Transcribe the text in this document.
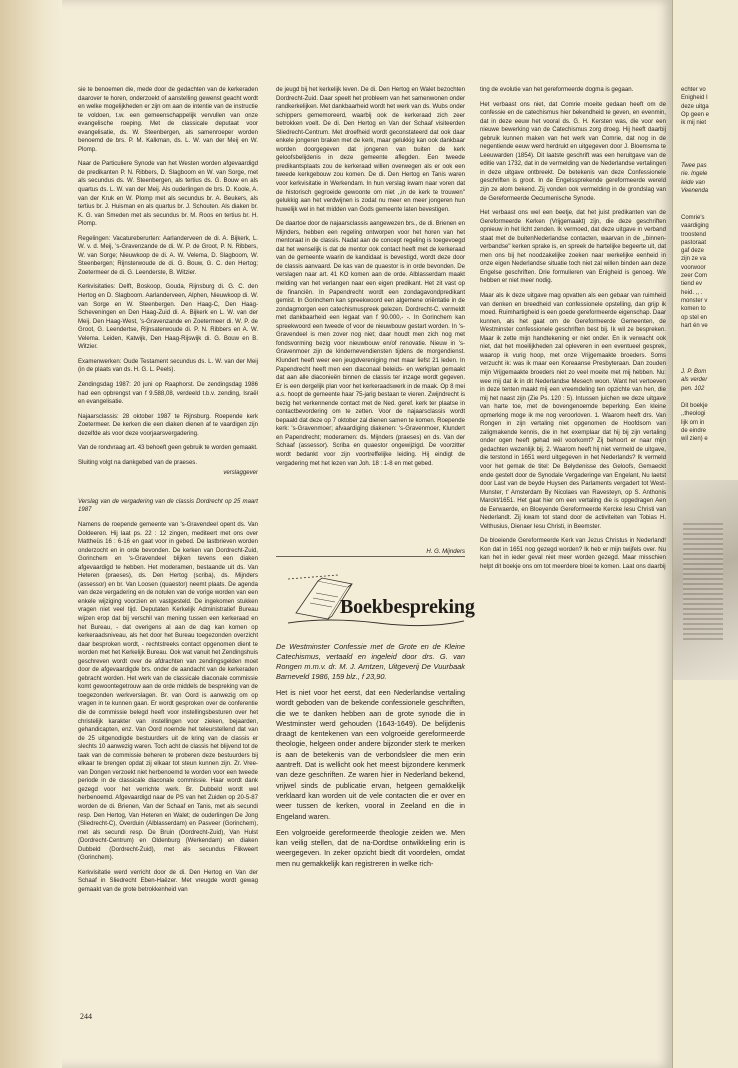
sie te benoemen die, mede door de gedachten van de kerkeraden daarover te horen, onderzoekt of aanstelling gewenst geacht wordt en welke mogelijkheden er zijn om aan de intentie van de instructie te voldoen, t.w. een gemeenschappelijk vervullen van onze evangelische roeping. Met de classicale deputaat voor evangelisatie, ds. W. Steenbergen, als samenroeper worden benoemd de brs. P. M. Kalkman, ds. L. W. van der Meij en W. Plomp.

Naar de Particuliere Synode van het Westen worden afgevaardigd de predikanten P. N. Ribbers, D. Slagboom en W. van Sorge, met als secundus ds. W. Steenbergen, als tertius ds. G. Bouw en als quartus ds. L. W. van der Meij. Als ouderlingen de brs. D. Koole, A. van der Kruk en W. Plomp met als secundus br. A. Beukers, als tertius br. J. Huisman en als quartus br. J. Schouten. Als diaken br. K. G. van Smeden met als secundus br. M. Roos en tertius br. H. Plomp.

Regelingen: Vacatureberurten: Aarlanderveen de di. A. Bijkerk, L. W. v. d. Meij, 's-Gravenzande de di. W. P. de Groot, P. N. Ribbers, W. van Sorge; Nieuwkoop de di. A. W. Velema, D. Slagboom, W. Steenbergen; Rijnsterwoude de di. G. Bouw, G. C. den Hertog; Zoetermeer de di. G. Leenderste, B. Witzier.

Kerkvisitaties: Delft, Boskoop, Gouda, Rijnsburg di. G. C. den Hertog en D. Slagboom. Aarlanderveen, Alphen, Nieuwkoop di. W. van Sorge en W. Steenbergen. Den Haag-C, Den Haag-Scheveningen en Den Haag-Zuid di. A. Bijkerk en L. W. van der Meij. Den Haag-West, 's-Gravenzande en Zoetermeer di. W. P. de Groot, G. Leendertse, Rijnsaterwoude di. P. N. Ribbers en A. W. Velema. Leiden, Katwijk, Den Haag-Rijswijk di. G. Bouw en B. Witzier.

Examenwerken: Oude Testament secundus ds. L. W. van der Meij (in de plaats van ds. H. G. L. Peels).

Zendingsdag 1987: 20 juni op Raaphorst. De zendingsdag 1986 had een opbrengst van f 9.588,08, verdeeld t.b.v. zending, Israël en evangelisatie.

Najaarsclassis: 28 oktober 1987 te Rijnsburg. Roepende kerk Zoetermeer. De kerken die een diaken dienen af te vaardigen zijn dezelfde als voor deze voorjaarsvergadering.

Van de rondvraag art. 43 behoeft geen gebruik te worden gemaakt.

Sluiting volgt na dankgebed van de praeses.

verslaggever

Verslag van de vergadering van de classis Dordrecht op 25 maart 1987

Namens de roepende gemeente van 's-Gravendeel opent ds. Van Doldeeren. Hij laat ps. 22 : 12 zingen, mediteert met ons over Mattheüs 16 : 6-16 en gaat voor in gebed. De lastbrieven worden onderzocht en in orde bevonden. De kerken van Dordrecht-Zuid, Gorinchem en 's-Gravendeel blijken tevens een diaken afgevaardigd te hebben. Het moderamen, bestaande uit ds. Van Heteren (praeses), ds. Den Hertog (scriba), ds. Mijnders (assessor) en br. Van Loosen (quaestor) neemt plaats. De agenda van deze vergadering en de notulen van de vorige worden van een enkele wijziging voorzien en vastgesteld. De ingekomen stukken vragen niet veel tijd. Deputaten Kerkelijk Administratief Bureau wijzen erop dat bij verschil van mening tussen een kerkeraad en het Bureau, - dat overigens al aan de dag kan komen op kerkeraadsniveau, als het door het Bureau toegezonden overzicht daar besproken wordt, - rechtstreeks contact opgenomen dient te worden met het Kerkelijk Bureau. Ook wat vanuit het Zendingshuis geschreven wordt over de afdrachten van zendingsgelden moet door de afgevaardigde brs. onder de aandacht van de kerkeraden gebracht worden. Het werk van de classicale diaconale commissie komt gewoontegetrouw aan de orde middels de bespreking van de toegezonden werkverslagen. Br. van Oord is aanwezig om op vragen in te kunnen gaan. Er wordt gesproken over de conferentie die de commissie belegd heeft voor instellingsbesturen over het christelijk karakter van instellingen voor zieken, bejaarden, gehandicapten, enz. Van Oord noemde het teleurstellend dat van de 25 uitgenodigde bestuurders uit de kring van de classis er slechts 10 aanwezig waren. Toch acht de classis het blijvend tot de taak van de commissie beheren te proberen deze bestuurders bij elkaar te brengen opdat zij elkaar tot steun kunnen zijn. Zr. Vree-van Dongen verzoekt niet herbenoemd te worden voor een tweede periode in de classicale diaconale commissie. Haar wordt dank gezegd voor het verrichte werk. Br. Dubbeld wordt wel herbenoemd. Afgevaardigd naar de PS van het Zuiden op 20-5-87 worden de di. Brienen, Van der Schaaf en Tanis, met als secundi resp. Den Hertog, Van Heteren en Walet; de ouderlingen De Jong (Sliedrecht-C), Overduin (Alblasserdam) en Pasveer (Gorinchem), met als secundi resp. De Bruin (Dordrecht-Zuid), Van Hulst (Dordrecht-Centrum) en Oldenburg (Werkendam) en diaken Dubbeld (Dordrecht-Zuid), met als secundus Flikweert (Gorinchem).

Kerkvisitatie werd verricht door de di. Den Hertog en Van der Schaaf in Sliedrecht Eben-Haëzer. Met vreugde wordt gewag gemaakt van de grote betrokkenheid van

de jeugd bij het kerkelijk leven. De di. Den Hertog en Walet bezochten Dordrecht-Zuid. Daar speelt het probleem van het samenwonen onder randkerkelijken. Met dankbaarheid wordt het werk van ds. Wubs onder schippers gememoreerd, waarbij ook de kerkeraad zich zeer betrokken voelt. De di. Den Hertog en Van der Schaaf visiteerden Sliedrecht-Centrum. Met droefheid wordt geconstateerd dat ook daar enkele jongeren braken met de kerk, maar gelukkig kan ook dankbaar worden doorgegeven dat jongeren van buiten de kerk geloofsbelijdenis in deze gemeente aflegden. Een tweede predikantsplaats zou de kerkeraad willen overwegen als er ook een tweede kerkgebouw zou komen. De di. Den Hertog en Tanis waren voor kerkvisitatie in Werkendam. In hun verslag kwam naar voren dat de historisch gegroeide gewoonte om niet ,,in de kerk te trouwen'' gelukkig aan het verdwijnen is zodat nu meer en meer jongeren hun huwelijk wel in het midden van Gods gemeente laten bevestigen.

De daartoe door de najaarsclassis aangewezen brs., de di. Brienen en Mijnders, hebben een regeling ontworpen voor het horen van het mentoraat in de classis. Nadat aan de concept regeling is toegevoegd dat het wenselijk is dat de mentor ook contact heeft met de kerkeraad van de gemeente waarin de kandidaat is bevestigd, wordt deze door de classis aanvaard. De kas van de quaestor is in orde bevonden. De verslagen naar art. 41 KO komen aan de orde. Alblasserdam maakt melding van het verlangen naar een eigen predikant. Het zit vast op de financiën. In Papendrecht wordt een zondagavondpredikant gemist. In Gorinchem kan spreekwoord een algemene oriëntatie in de zondagmorgen een catechismuspreek gelezen. Dordrecht-C. vermeldt met dankbaarheid een legaat van f 90.000,- -. In Gorinchem kan spreekwoord een tweede of voor de nieuwbouw gestart worden. In 's-Gravendeel is men zover nog niet; daar houdt men zich nog met fondsvorming bezig voor nieuwbouw en/of renovatie. Nieuw in 's-Gravenmoer zijn de kindernevendiensten tijdens de morgendienst. Klundert heeft weer een jeugdvereniging met maar liefst 21 leden. In Papendrecht heeft men een diaconaal beleids- en werkplan gemaakt dat aan alle diaconieën binnen de classis ter inzage wordt gegeven. Er is een dergelijk plan voor het kerkeraadswerk in de maak. Op 8 mei a.s. hoopt de gemeente haar 75-jarig bestaan te vieren. Zwijndrecht is bezig het verkennende contact met de Ned. geref. kerk ter plaatse in contactbevordering om te zetten. Voor de najaarsclassis wordt bepaald dat deze op 7 oktober zal dienen samen te komen. Roepende kerk: 's-Gravenmoer; afvaardiging diakenen: 's-Gravenmoer, Klundert en Papendrecht; moderamen: ds. Mijnders (praeses) en ds. Van der Schaaf (assessor). Scriba en quaestor ongewijzigd. De voorzitter wordt bedankt voor zijn voortreffelijke leiding. Hij eindigt de vergadering met het lezen van Joh. 18 : 1-8 en met gebed.

H. G. Mijnders
Boekbespreking

De Westminster Confessie met de Grote en de Kleine Catechismus, vertaald en ingeleid door drs. G. van Rongen m.m.v. dr. M. J. Arntzen, Uitgeverij De Vuurbaak Barneveld 1986, 159 blz., f 23,90.

Het is niet voor het eerst, dat een Nederlandse vertaling wordt geboden van de bekende confessionele geschriften, die we te danken hebben aan de grote synode die in Westminster werd gehouden (1643-1649). De belijdenis draagt de kentekenen van een volgroeide gereformeerde theologie, helgeen onder andere bijzonder sterk te merken is aan de betekenis van de verbondsleer die men erin aantreft. Dat is wellicht ook het meest bijzondere kenmerk van deze geschriften. Ze waren hier in Nederland bekend, vrijwel sinds de publicatie ervan, hetgeen gemakkelijk verklaard kan worden uit de vele contacten die er over en weer tussen de kerken, vooral in Zeeland en die in Engeland waren.

Een volgroeide gereformeerde theologie zeiden we. Men kan veilig stellen, dat de na-Dordtse ontwikkeling erin is weergegeven. In zeker opzicht biedt dit voordelen, omdat men nu gemakkelijk kan registreren in welke rich-

ting de evolutie van het gereformeerde dogma is gegaan.

Het verbaast ons niet, dat Comrie moeite gedaan heeft om de confessie en de catechismus hier bekendheid te geven, en evenmin, dat in deze eeuw het vooral ds. G. H. Kersten was, die voor een nieuwe bewerking van de Catechismus zorg droeg. Hij heeft daarbij gebruik kunnen maken van het werk van Comrie, dat nog in de negentiende eeuw werd herdrukt en uitgegeven door J. Bloemsma te Leeuwarden (1854). Dit laatste geschrift was een heruitgave van de editie van 1732, dat in de vermelding van de Nederlandse vertalingen in deze uitgave ontbreekt. De betekenis van deze Confessionele geschriften is groot. In de Engelssprekende gereformeerde wereld zijn ze alom bekend. Zij vonden ook vermelding in de grondslag van de Gereformeerde Oecumenische Synode.

Het verbaast ons wel een beetje, dat het juist predikanten van de Gereformeerde Kerken (Vrijgemaakt) zijn, die deze geschriften opnieuw in het licht zenden. Ik vermoed, dat deze uitgave in verband staat met de buitenNederlandse contacten, waarvan in de ,,binnen-verbandse'' kerken sprake is, en spreek de hartelijke begeerte uit, dat men ons bij het noodzakelijke zoeken naar werkelijke eenheid in onze eigen Nederlandse situatie toch niet zal willen binden aan deze Engelse geschriften. Drie formulieren van Enigheid is genoeg. We hebben er niet meer nodig.

Maar als ik deze uitgave mag opvatten als een gebaar van ruimheid van denken en breedheid van confessionele opstelling, dan grijp ik moed. Ruimhartigheid is een goede gereformeerde eigenschap. Daar kunnen, als het gaat om de Gereformeerde Gemeenten, de Westminster confessionele geschriften best bij. Ik wil ze bespreken. Maar ik zette mijn handtekening er niet onder. En ik verwacht ook niet, dat het moeilijkheden zal opleveren in een eventueel gesprek, waarop ik vurig hoop, met onze Vrijgemaakte broeders. Soms verzucht ik: was ik maar een Koreaanse Presbyteraan. Dan zouden mijn Vrijgemaakte broeders niet zo veel moeite met mij hebben. Nu: wee mij dat ik in dit Nederlandse Mesech woon. Want het vertoeven in deze tenten maakt mij een vreemdeling ten opzichte van hen, die mij het naast zijn (Zie Ps. 120 : 5). Intussen juichen we deze uitgave van harte toe, met de bovengenoemde beperking. Een kleine opmerking moge ik me nog veroorloven. 1. Waarom heeft drs. Van Rongen in zijn vertaling niet opgenomen de Hoofdsom van zaligmakende kennis, die in het exemplaar dat hij bij zijn vertaling onder ogen heeft gehad wél voorkomt? Zij behoort er naar mijn gedachten wezenlijk bij. 2. Waarom heeft hij niet vermeld de uitgave, die terstond in 1651 werd uitgegeven in het Nederlands? Ik vermeld voor het gemak de titel: De Belydenisse des Geloofs, Gemaeckt ende gestelt door de Synodale Vergaderinge van Engelant, Nu laetst door Last van de beyde Huysen des Parlaments vergadert tot West-Munster, t' Amsterdam By Nicolaes van Ravesteyn, op S. Anthonis Marckt/1651. Het gaat hier om een vertaling die is opgedragen Aen de Eerwaerde, en Bloeyende Gereformeerde Kercke Iesu Christi van Nederlandt. Zij kwam tot stand door de activiteiten van Tobias H. Velthusius, Dienaer Iesu Christi, in Beemster.

De bloeiende Gereformeerde Kerk van Jezus Christus in Nederland! Kon dat in 1651 nog gezegd worden? Ik heb er mijn twijfels over. Nu kan het in ieder geval niet meer worden gezegd. Maar misschien helpt dit boekje ons om tot meerdere bloei te komen. Laat ons daarbij

244
echter vo
Enigheid I
deze uitga
Op geen e
ik mij niet
Twee pas
rie. Ingele
leide van
Veenenda
Comrie's
vaardiging
troostend
pastoraat
gaf deze
zijn ze va
voorwoor
zeer Com
tiend ev
heid. ,, .
monster v
komen to
op stel en
hart én ve
J. P. Bom
als verder
pen. 102
Dit boekje
,,theologi
lijk om in
de eindre
wil zien) e
